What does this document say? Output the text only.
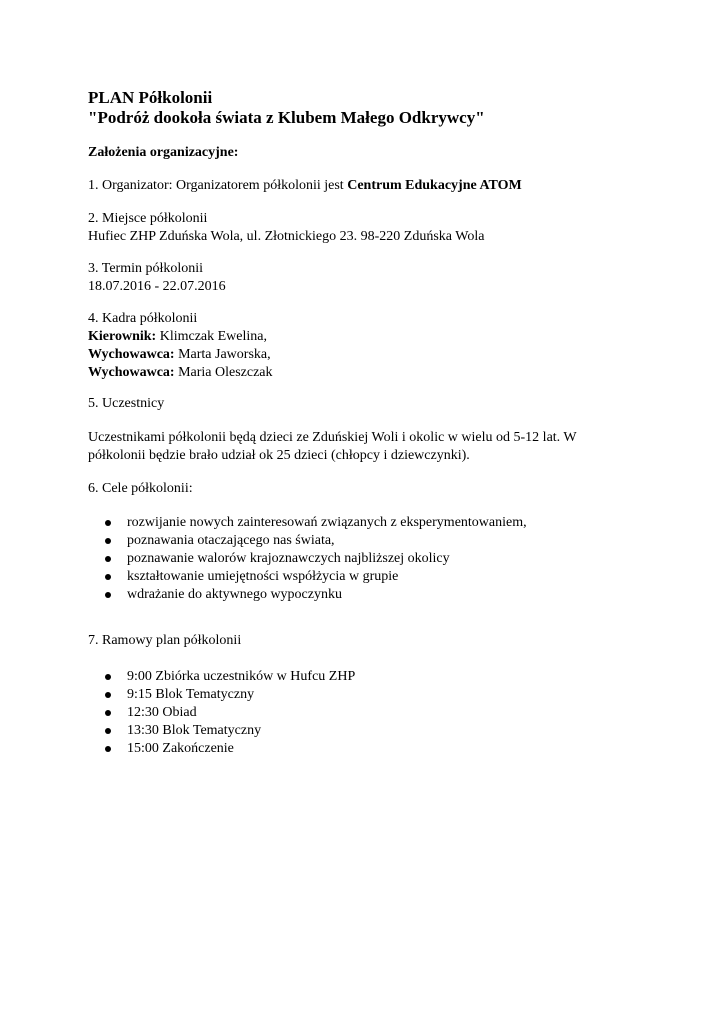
PLAN Półkolonii

"Podróż dookoła świata z Klubem Małego Odkrywcy"

Założenia organizacyjne:
1. Organizator: Organizatorem półkolonii jest Centrum Edukacyjne ATOM
2. Miejsce półkolonii
Hufiec ZHP Zduńska Wola, ul. Złotnickiego 23. 98-220 Zduńska Wola
3. Termin półkolonii
18.07.2016 - 22.07.2016
4. Kadra półkolonii
Kierownik: Klimczak Ewelina,
Wychowawca: Marta Jaworska,
Wychowawca: Maria Oleszczak
5. Uczestnicy
Uczestnikami półkolonii będą dzieci ze Zduńskiej Woli i okolic w wielu od 5-12 lat. W
półkolonii będzie brało udział ok 25 dzieci (chłopcy i dziewczynki).
6. Cele półkolonii:
rozwijanie nowych zainteresowań związanych z eksperymentowaniem,
poznawania otaczającego nas świata,
poznawanie walorów krajoznawczych najbliższej okolicy
kształtowanie umiejętności współżycia w grupie
wdrażanie do aktywnego wypoczynku
7. Ramowy plan półkolonii
9:00 Zbiórka uczestników w Hufcu ZHP
9:15 Blok Tematyczny
12:30 Obiad
13:30 Blok Tematyczny
15:00 Zakończenie
